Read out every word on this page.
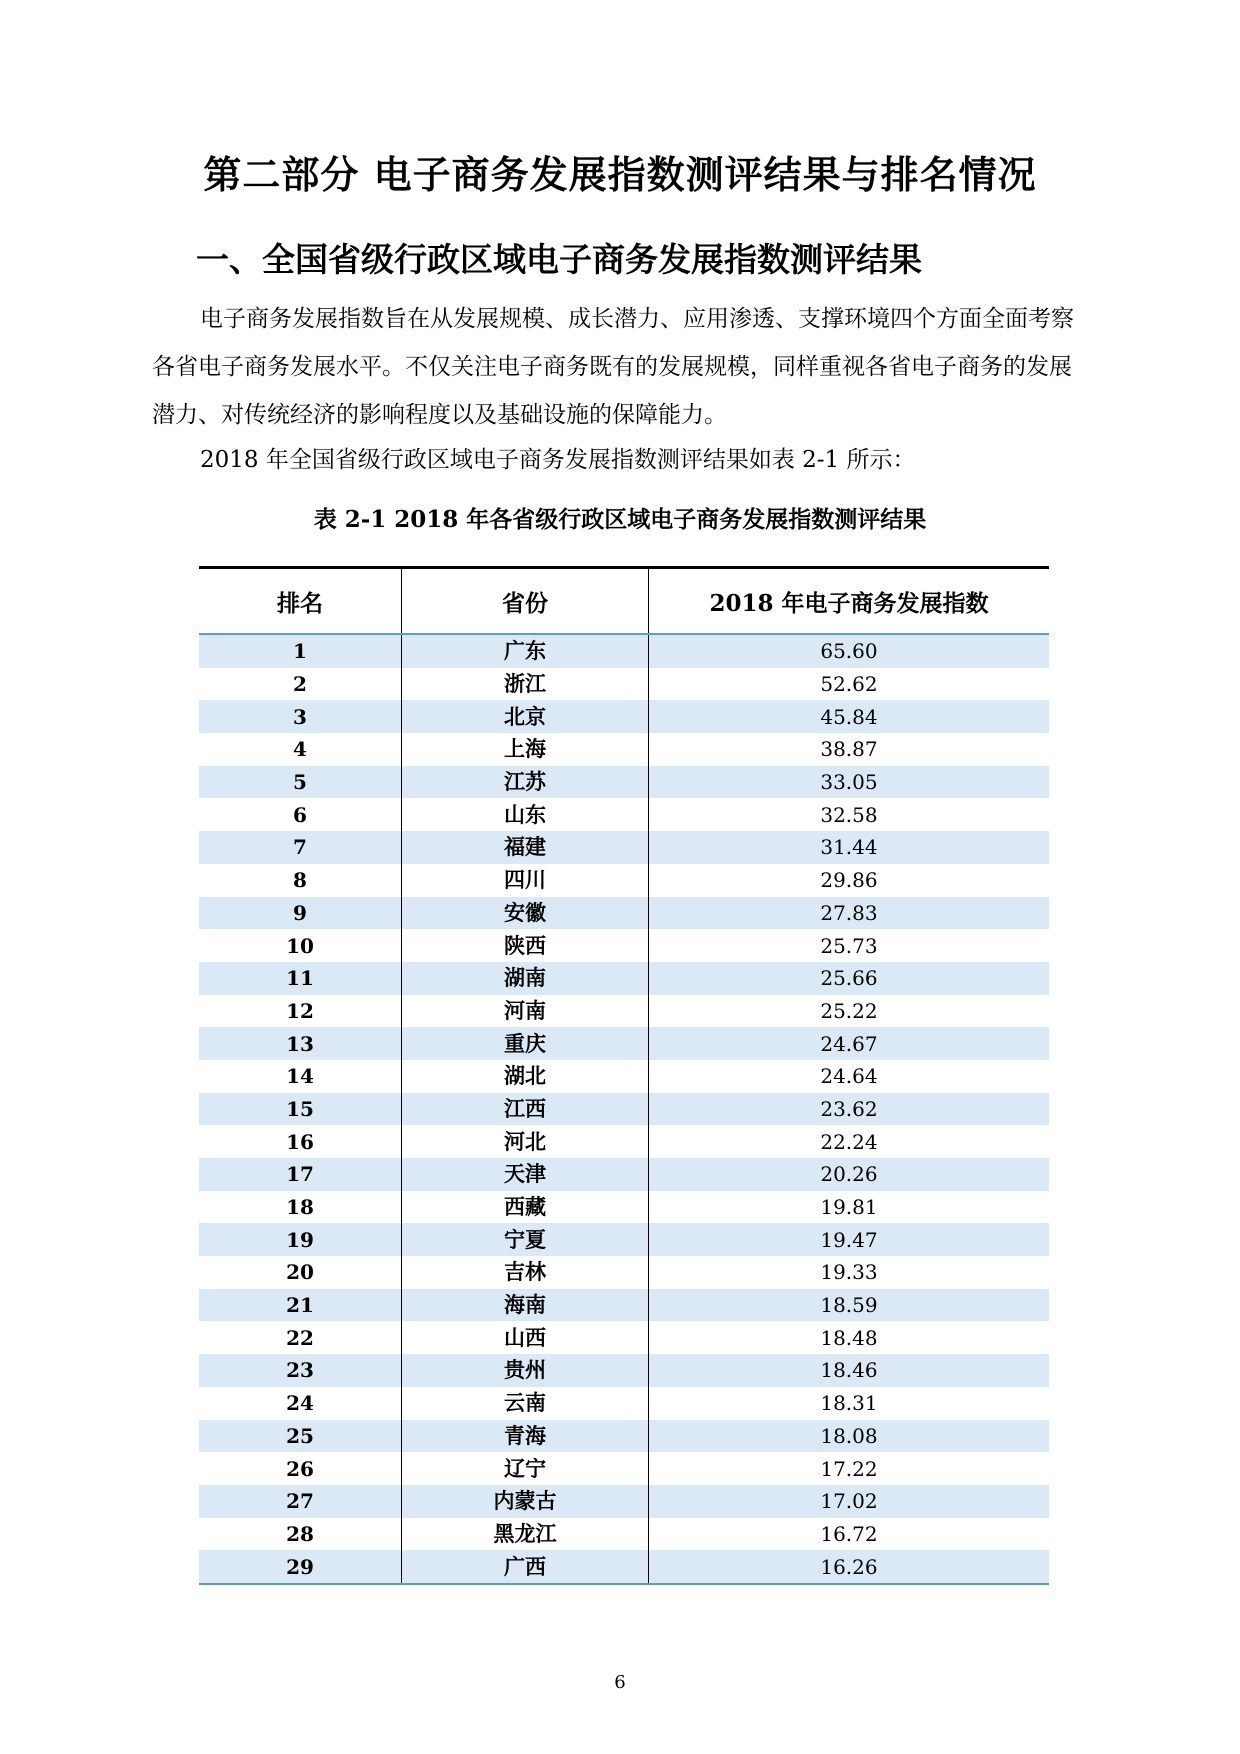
第二部分 电子商务发展指数测评结果与排名情况
一、全国省级行政区域电子商务发展指数测评结果

电子商务发展指数旨在从发展规模、成长潜力、应用渗透、支撑环境四个方面全面考察各省电子商务发展水平。不仅关注电子商务既有的发展规模，同样重视各省电子商务的发展潜力、对传统经济的影响程度以及基础设施的保障能力。

2018 年全国省级行政区域电子商务发展指数测评结果如表 2-1 所示：

表 2-1 2018 年各省级行政区域电子商务发展指数测评结果

排名	省份	2018 年电子商务发展指数
1	广东	65.60
2	浙江	52.62
3	北京	45.84
4	上海	38.87
5	江苏	33.05
6	山东	32.58
7	福建	31.44
8	四川	29.86
9	安徽	27.83
10	陕西	25.73
11	湖南	25.66
12	河南	25.22
13	重庆	24.67
14	湖北	24.64
15	江西	23.62
16	河北	22.24
17	天津	20.26
18	西藏	19.81
19	宁夏	19.47
20	吉林	19.33
21	海南	18.59
22	山西	18.48
23	贵州	18.46
24	云南	18.31
25	青海	18.08
26	辽宁	17.22
27	内蒙古	17.02
28	黑龙江	16.72
29	广西	16.26

6
